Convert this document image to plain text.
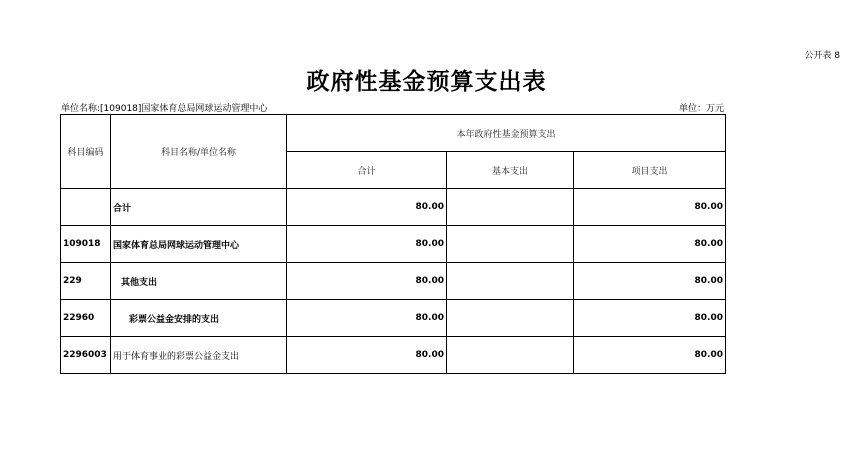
公开表 8
政府性基金预算支出表
单位名称:[109018]国家体育总局网球运动管理中心	单位：万元
科目编码	科目名称/单位名称	本年政府性基金预算支出		
		合计	基本支出	项目支出
	合计	80.00		80.00
109018	国家体育总局网球运动管理中心	80.00		80.00
229	其他支出	80.00		80.00
22960	彩票公益金安排的支出	80.00		80.00
2296003	用于体育事业的彩票公益金支出	80.00		80.00
